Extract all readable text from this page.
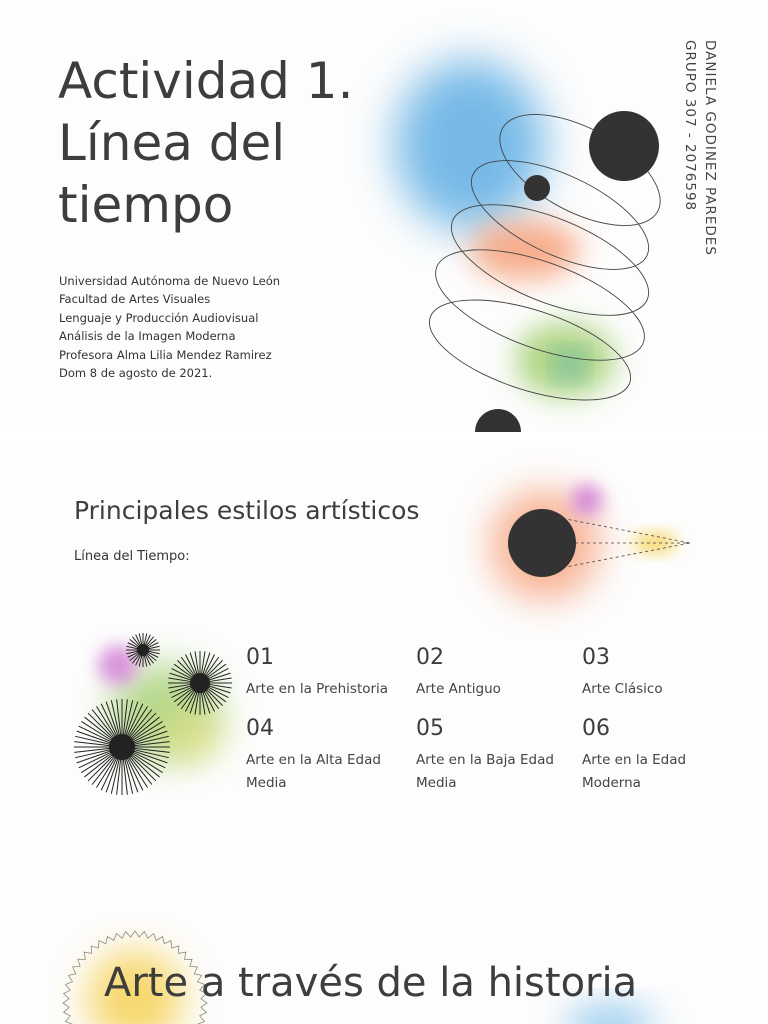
Actividad 1.
Línea del
tiempo
Universidad Autónoma de Nuevo León
Facultad de Artes Visuales
Lenguaje y Producción Audiovisual
Análisis de la Imagen Moderna
Profesora Alma Lilia Mendez Ramirez
Dom 8 de agosto de 2021.
DANIELA GODINEZ PAREDES
GRUPO 307 - 2076598
Principales estilos artísticos
Línea del Tiempo:
01
Arte en la Prehistoria
02
Arte Antiguo
03
Arte Clásico
04
Arte en la Alta Edad Media
05
Arte en la Baja Edad Media
06
Arte en la Edad Moderna
Arte a través de la historia
